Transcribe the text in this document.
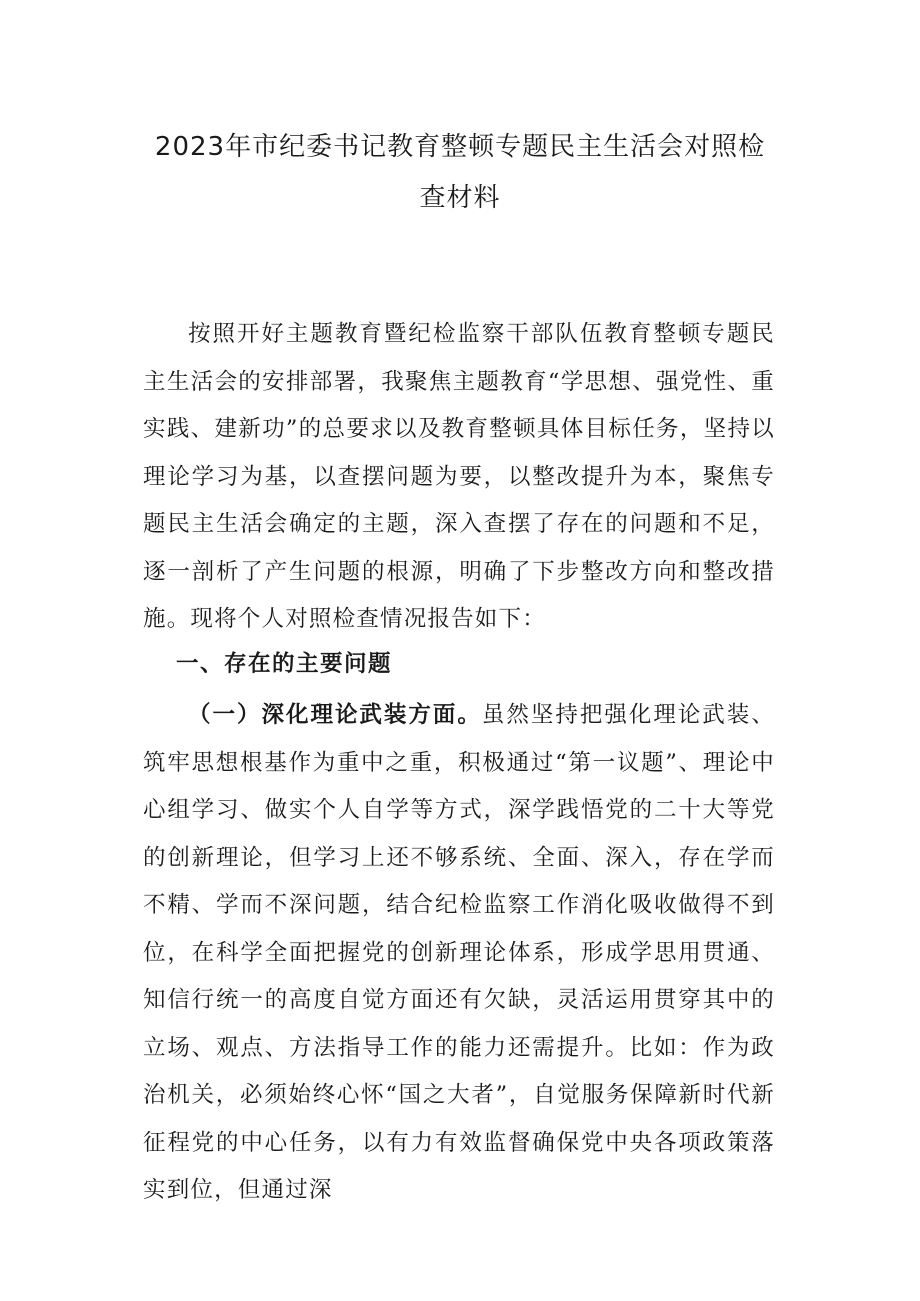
2023年市纪委书记教育整顿专题民主生活会对照检
查材料

按照开好主题教育暨纪检监察干部队伍教育整顿专题民主生活会的安排部署，我聚焦主题教育“学思想、强党性、重实践、建新功”的总要求以及教育整顿具体目标任务，坚持以理论学习为基，以查摆问题为要，以整改提升为本，聚焦专题民主生活会确定的主题，深入查摆了存在的问题和不足，逐一剖析了产生问题的根源，明确了下步整改方向和整改措施。现将个人对照检查情况报告如下：

一、存在的主要问题

（一）深化理论武装方面。虽然坚持把强化理论武装、筑牢思想根基作为重中之重，积极通过“第一议题”、理论中心组学习、做实个人自学等方式，深学践悟党的二十大等党的创新理论，但学习上还不够系统、全面、深入，存在学而不精、学而不深问题，结合纪检监察工作消化吸收做得不到位，在科学全面把握党的创新理论体系，形成学思用贯通、知信行统一的高度自觉方面还有欠缺，灵活运用贯穿其中的立场、观点、方法指导工作的能力还需提升。比如：作为政治机关，必须始终心怀“国之大者”，自觉服务保障新时代新征程党的中心任务，以有力有效监督确保党中央各项政策落实到位，但通过深
